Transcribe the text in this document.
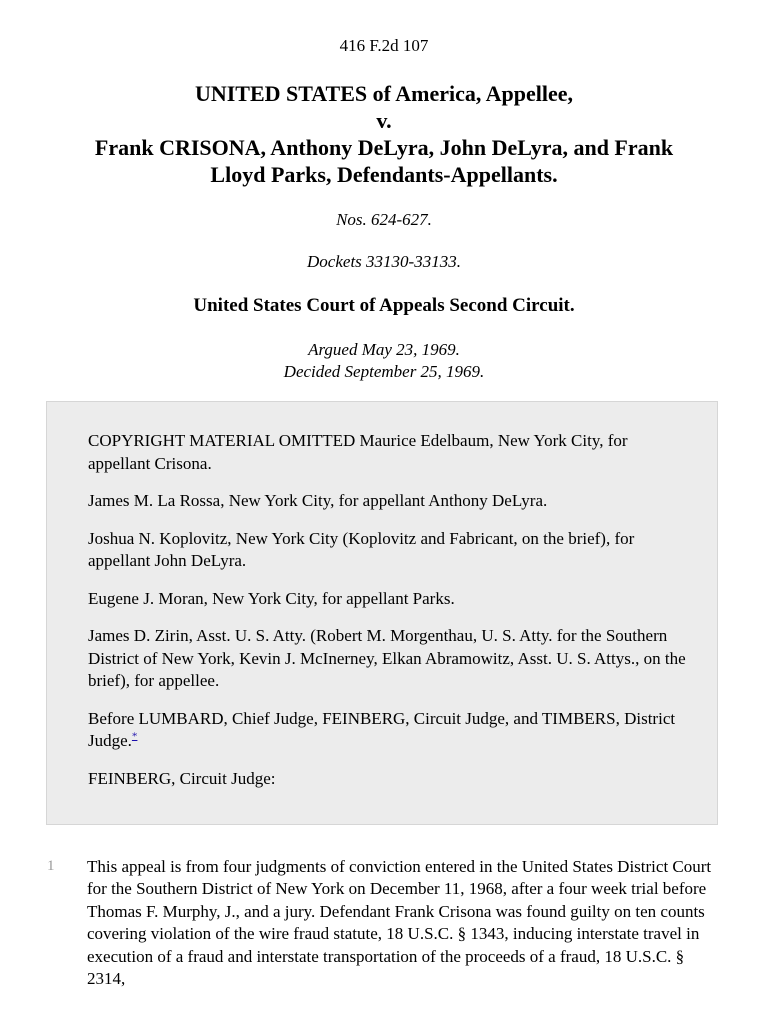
416 F.2d 107
UNITED STATES of America, Appellee,
v.
Frank CRISONA, Anthony DeLyra, John DeLyra, and Frank
Lloyd Parks, Defendants-Appellants.
Nos. 624-627.
Dockets 33130-33133.
United States Court of Appeals Second Circuit.
Argued May 23, 1969.
Decided September 25, 1969.

COPYRIGHT MATERIAL OMITTED Maurice Edelbaum, New York City, for appellant Crisona.

James M. La Rossa, New York City, for appellant Anthony DeLyra.

Joshua N. Koplovitz, New York City (Koplovitz and Fabricant, on the brief), for appellant John DeLyra.

Eugene J. Moran, New York City, for appellant Parks.

James D. Zirin, Asst. U. S. Atty. (Robert M. Morgenthau, U. S. Atty. for the Southern District of New York, Kevin J. McInerney, Elkan Abramowitz, Asst. U. S. Attys., on the brief), for appellee.

Before LUMBARD, Chief Judge, FEINBERG, Circuit Judge, and TIMBERS, District Judge.*

FEINBERG, Circuit Judge:

1 This appeal is from four judgments of conviction entered in the United States District Court for the Southern District of New York on December 11, 1968, after a four week trial before Thomas F. Murphy, J., and a jury. Defendant Frank Crisona was found guilty on ten counts covering violation of the wire fraud statute, 18 U.S.C. § 1343, inducing interstate travel in execution of a fraud and interstate transportation of the proceeds of a fraud, 18 U.S.C. § 2314,
